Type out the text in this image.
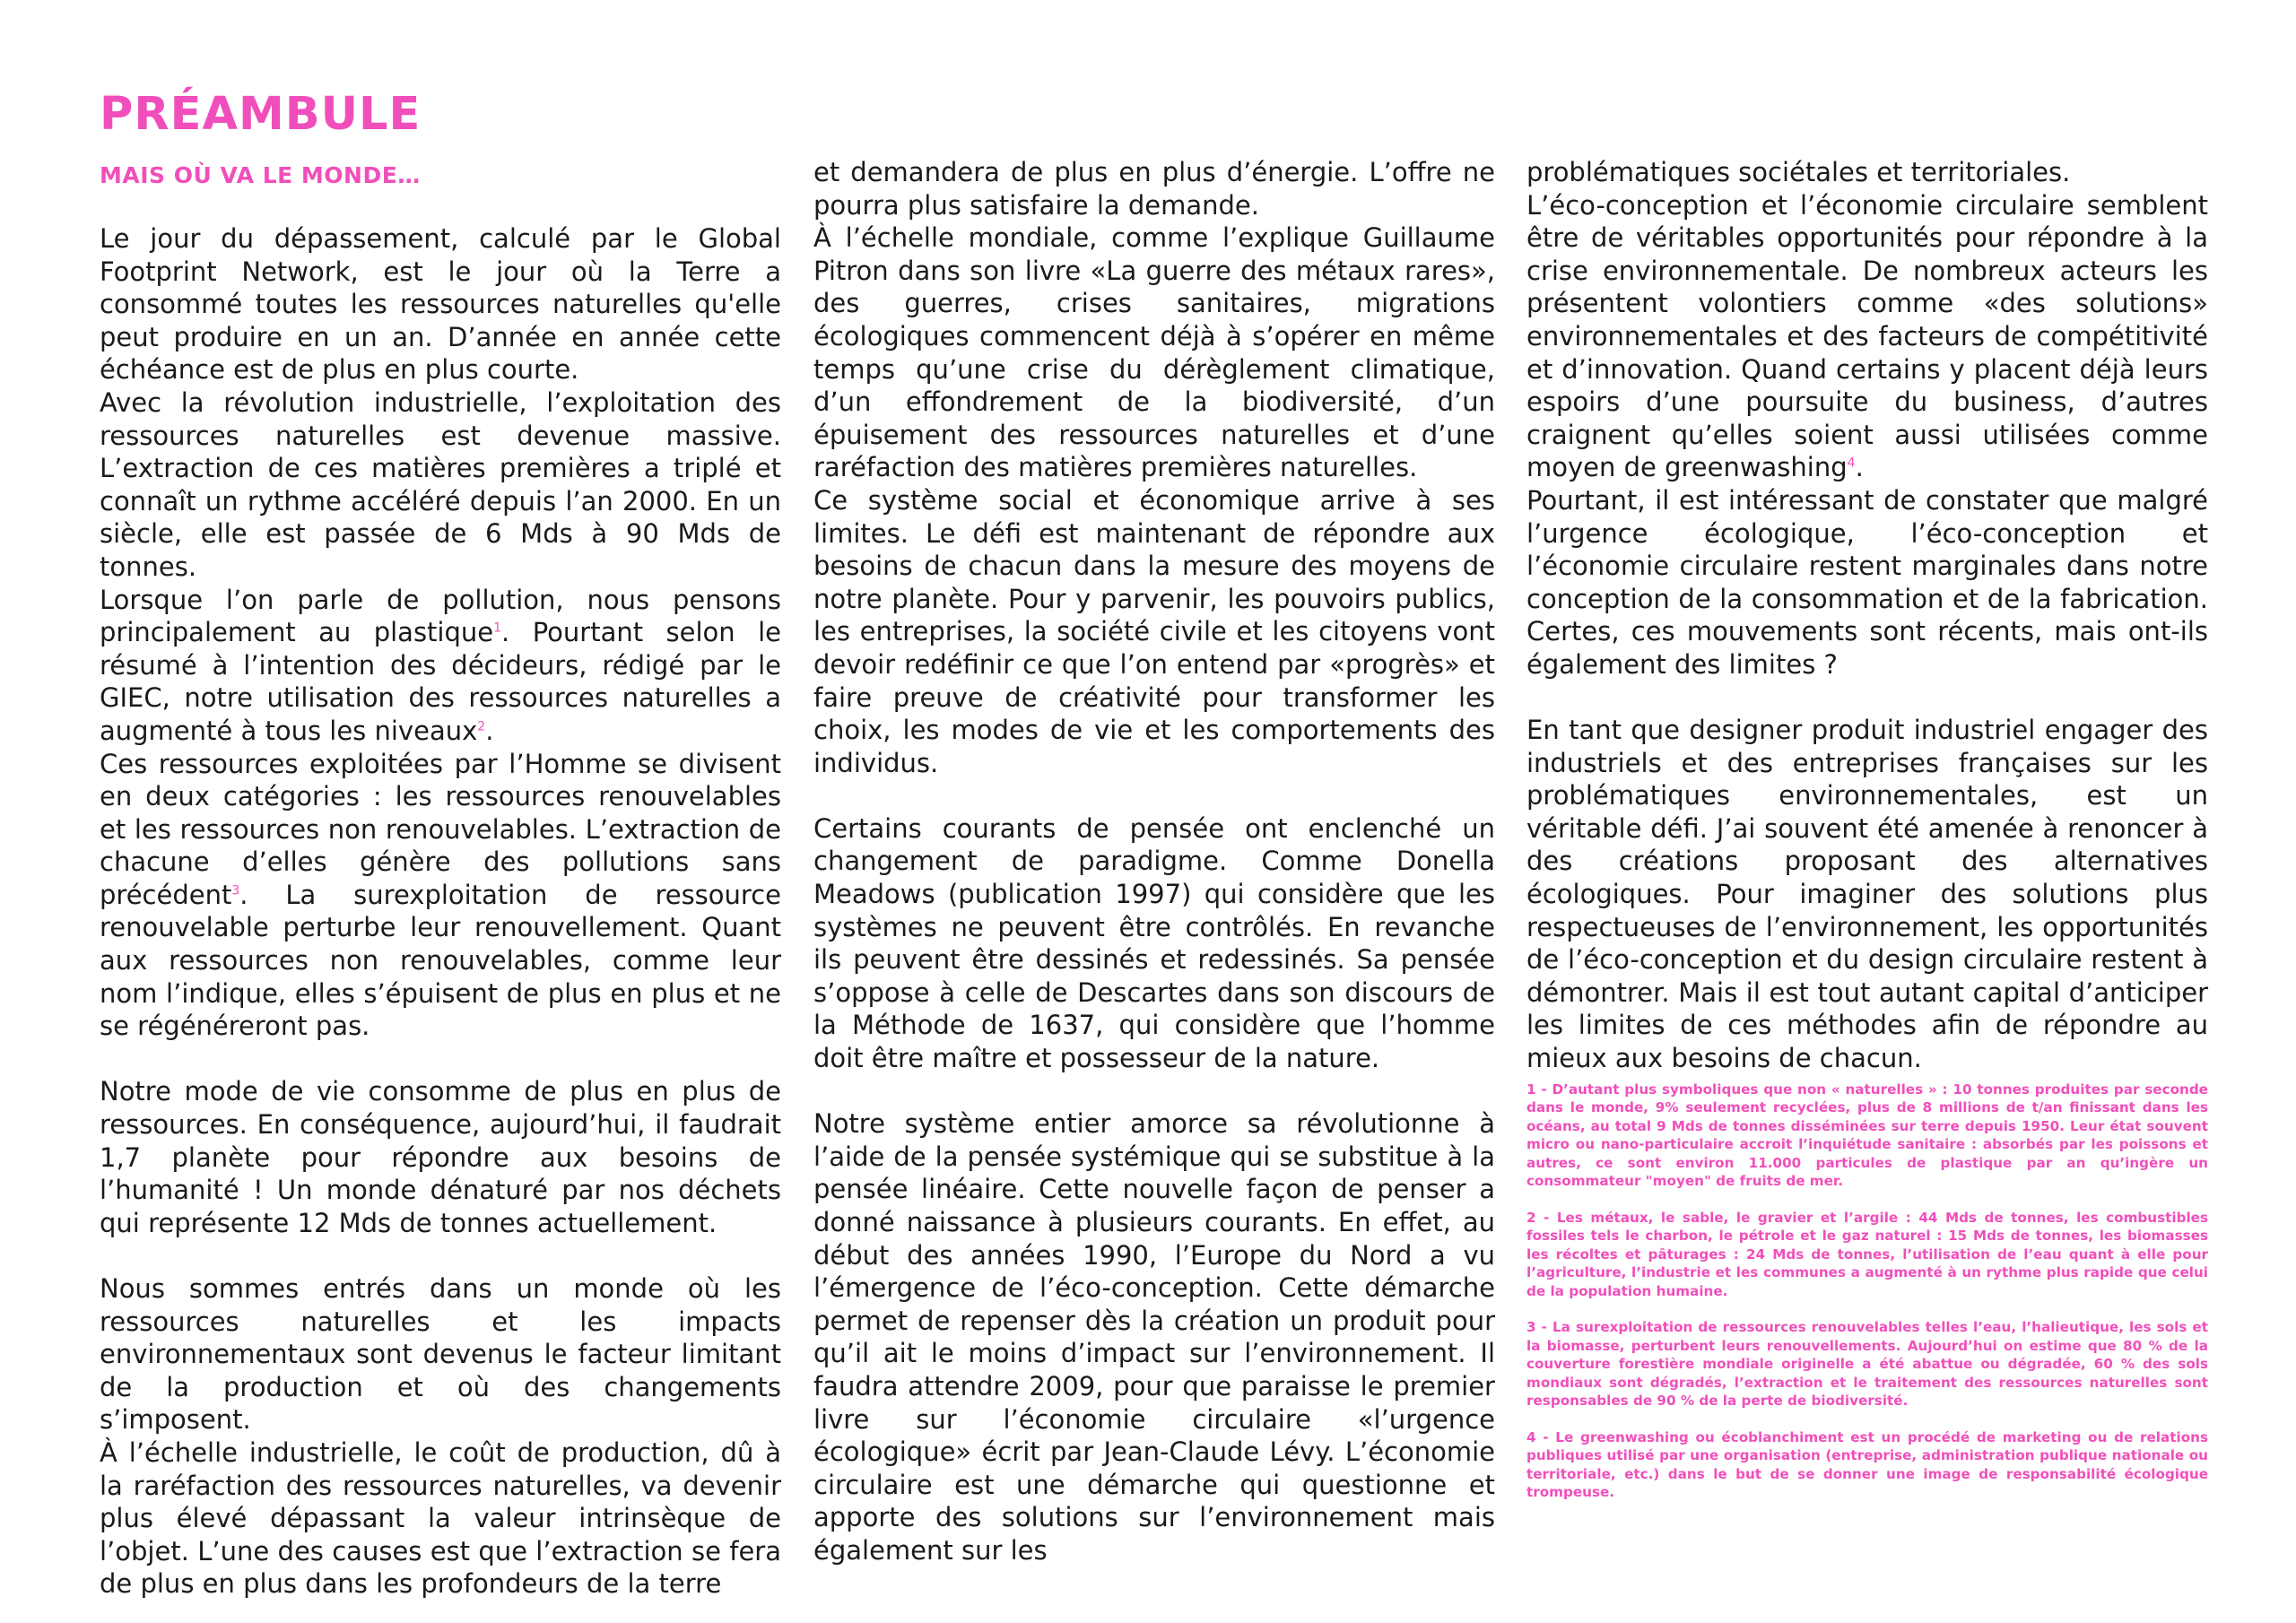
PRÉAMBULE
MAIS OÙ VA LE MONDE…

Le jour du dépassement, calculé par le Global Footprint Network, est le jour où la Terre a consommé toutes les ressources naturelles qu'elle peut produire en un an. D’année en année cette échéance est de plus en plus courte.

Avec la révolution industrielle, l’exploitation des ressources naturelles est devenue massive. L’extraction de ces matières premières a triplé et connaît un rythme accéléré depuis l’an 2000. En un siècle, elle est passée de 6 Mds à 90 Mds de tonnes.

Lorsque l’on parle de pollution, nous pensons principalement au plastique$^1$. Pourtant selon le résumé à l’intention des décideurs, rédigé par le GIEC, notre utilisation des ressources naturelles a augmenté à tous les niveaux$^2$.

Ces ressources exploitées par l’Homme se divisent en deux catégories : les ressources renouvelables et les ressources non renouvelables. L’extraction de chacune d’elles génère des pollutions sans précédent$^3$. La surexploitation de ressource renouvelable perturbe leur renouvellement. Quant aux ressources non renouvelables, comme leur nom l’indique, elles s’épuisent de plus en plus et ne se régénéreront pas.

Notre mode de vie consomme de plus en plus de ressources. En conséquence, aujourd’hui, il faudrait 1,7 planète pour répondre aux besoins de l’humanité ! Un monde dénaturé par nos déchets qui représente 12 Mds de tonnes actuellement.

Nous sommes entrés dans un monde où les ressources naturelles et les impacts environnementaux sont devenus le facteur limitant de la production et où des changements s’imposent.

À l’échelle industrielle, le coût de production, dû à la raréfaction des ressources naturelles, va devenir plus élevé dépassant la valeur intrinsèque de l’objet. L’une des causes est que l’extraction se fera de plus en plus dans les profondeurs de la terre

et demandera de plus en plus d’énergie. L’offre ne pourra plus satisfaire la demande.

À l’échelle mondiale, comme l’explique Guillaume Pitron dans son livre «La guerre des métaux rares», des guerres, crises sanitaires, migrations écologiques commencent déjà à s’opérer en même temps qu’une crise du dérèglement climatique, d’un effondrement de la biodiversité, d’un épuisement des ressources naturelles et d’une raréfaction des matières premières naturelles.

Ce système social et économique arrive à ses limites. Le défi est maintenant de répondre aux besoins de chacun dans la mesure des moyens de notre planète. Pour y parvenir, les pouvoirs publics, les entreprises, la société civile et les citoyens vont devoir redéfinir ce que l’on entend par «progrès» et faire preuve de créativité pour transformer les choix, les modes de vie et les comportements des individus.

Certains courants de pensée ont enclenché un changement de paradigme. Comme Donella Meadows (publication 1997) qui considère que les systèmes ne peuvent être contrôlés. En revanche ils peuvent être dessinés et redessinés. Sa pensée s’oppose à celle de Descartes dans son discours de la Méthode de 1637, qui considère que l’homme doit être maître et possesseur de la nature.

Notre système entier amorce sa révolutionne à l’aide de la pensée systémique qui se substitue à la pensée linéaire. Cette nouvelle façon de penser a donné naissance à plusieurs courants. En effet, au début des années 1990, l’Europe du Nord a vu l’émergence de l’éco-conception. Cette démarche permet de repenser dès la création un produit pour qu’il ait le moins d’impact sur l’environnement. Il faudra attendre 2009, pour que paraisse le premier livre sur l’économie circulaire «l’urgence écologique» écrit par Jean-Claude Lévy. L’économie circulaire est une démarche qui questionne et apporte des solutions sur l’environnement mais également sur les

problématiques sociétales et territoriales.

L’éco-conception et l’économie circulaire semblent être de véritables opportunités pour répondre à la crise environnementale. De nombreux acteurs les présentent volontiers comme «des solutions» environnementales et des facteurs de compétitivité et d’innovation. Quand certains y placent déjà leurs espoirs d’une poursuite du business, d’autres craignent qu’elles soient aussi utilisées comme moyen de greenwashing$^4$.

Pourtant, il est intéressant de constater que malgré l’urgence écologique, l’éco-conception et l’économie circulaire restent marginales dans notre conception de la consommation et de la fabrication. Certes, ces mouvements sont récents, mais ont-ils également des limites ?

En tant que designer produit industriel engager des industriels et des entreprises françaises sur les problématiques environnementales, est un véritable défi. J’ai souvent été amenée à renoncer à des créations proposant des alternatives écologiques. Pour imaginer des solutions plus respectueuses de l’environnement, les opportunités de l’éco-conception et du design circulaire restent à démontrer. Mais il est tout autant capital d’anticiper les limites de ces méthodes afin de répondre au mieux aux besoins de chacun.

1 - D’autant plus symboliques que non « naturelles » : 10 tonnes produites par seconde dans le monde, 9% seulement recyclées, plus de 8 millions de t/an finissant dans les océans, au total 9 Mds de tonnes disséminées sur terre depuis 1950. Leur état souvent micro ou nano-particulaire accroit l’inquiétude sanitaire : absorbés par les poissons et autres, ce sont environ 11.000 particules de plastique par an qu’ingère un consommateur "moyen" de fruits de mer.

2 - Les métaux, le sable, le gravier et l’argile : 44 Mds de tonnes, les combustibles fossiles tels le charbon, le pétrole et le gaz naturel : 15 Mds de tonnes, les biomasses les récoltes et pâturages : 24 Mds de tonnes, l’utilisation de l’eau quant à elle pour l’agriculture, l’industrie et les communes a augmenté à un rythme plus rapide que celui de la population humaine.

3 - La surexploitation de ressources renouvelables telles l’eau, l’halieutique, les sols et la biomasse, perturbent leurs renouvellements. Aujourd’hui on estime que 80 % de la couverture forestière mondiale originelle a été abattue ou dégradée, 60 % des sols mondiaux sont dégradés, l’extraction et le traitement des ressources naturelles sont responsables de 90 % de la perte de biodiversité.

4 - Le greenwashing ou écoblanchiment est un procédé de marketing ou de relations publiques utilisé par une organisation (entreprise, administration publique nationale ou territoriale, etc.) dans le but de se donner une image de responsabilité écologique trompeuse.
